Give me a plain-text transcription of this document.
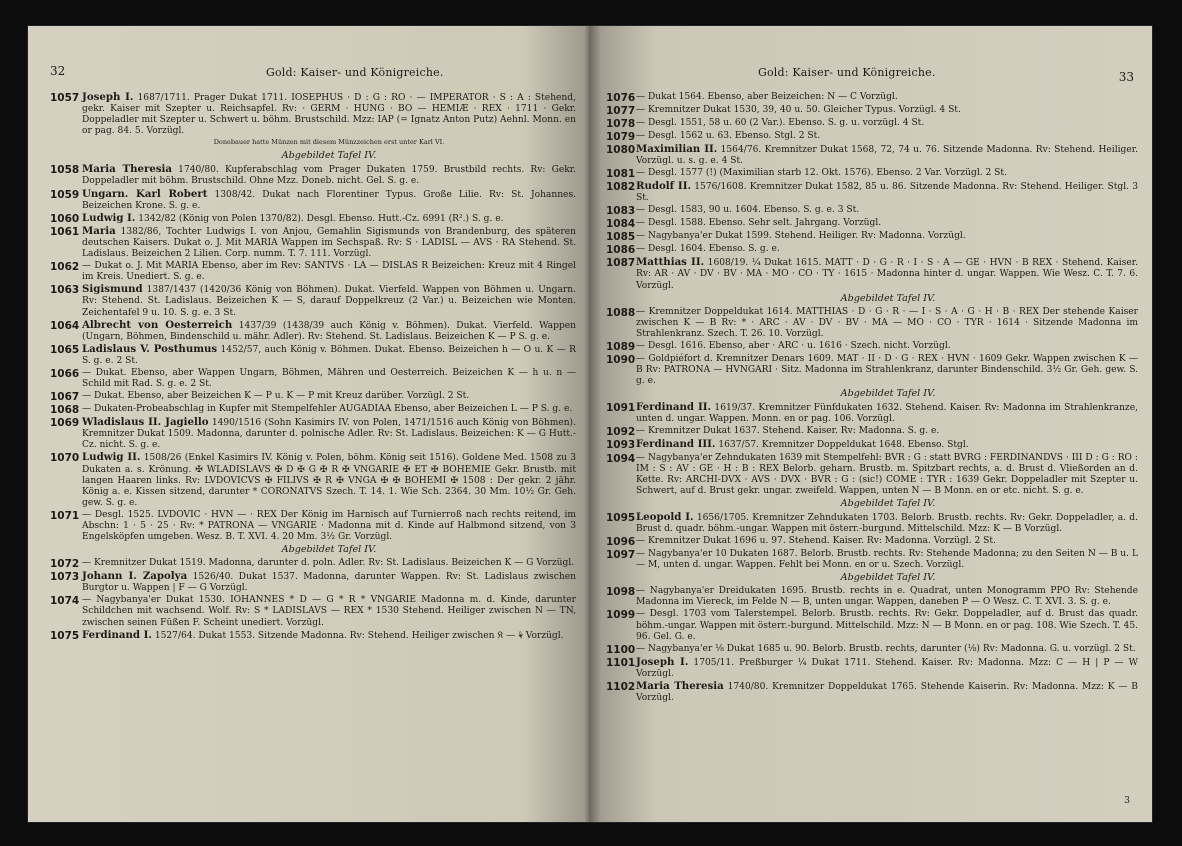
32	Gold: Kaiser- und Königreiche.
1057 Joseph I. 1687/1711. Prager Dukat 1711. IOSEPHUS · D : G : RO · — IMPERATOR · S : A : Stehend, gekr. Kaiser mit Szepter u. Reichsapfel. Rv: · GERM · HUNG · BO — HEMIÆ · REX · 1711 · Gekr. Doppeladler mit Szepter u. Schwert u. böhm. Brustschild. Mzz: IAP (= Ignatz Anton Putz) Aehnl. Monn. en or pag. 84. 5. Vorzügl.
Donebauer hatte Münzen mit diesem Münzzeichen erst unter Karl VI.
Abgebildet Tafel IV.
1058 Maria Theresia 1740/80. Kupferabschlag vom Prager Dukaten 1759. Brustbild rechts. Rv: Gekr. Doppeladler mit böhm. Brustschild. Ohne Mzz. Doneb. nicht. Gel. S. g. e.
1059 Ungarn. Karl Robert 1308/42. Dukat nach Florentiner Typus. Große Lilie. Rv: St. Johannes. Beizeichen Krone. S. g. e.
1060 Ludwig I. 1342/82 (König von Polen 1370/82). Desgl. Ebenso. Hutt.-Cz. 6991 (R².) S. g. e.
1061 Maria 1382/86, Tochter Ludwigs I. von Anjou, Gemahlin Sigismunds von Brandenburg, des späteren deutschen Kaisers. Dukat o. J. Mit MARIA Wappen im Sechspaß. Rv: S · LADISL — AVS · RA Stehend. St. Ladislaus. Beizeichen 2 Lilien. Corp. numm. T. 7. 111. Vorzügl.
1062 — Dukat o. J. Mit MARIA Ebenso, aber im Rev: SANTVS · LA — DISLAS R Beizeichen: Kreuz mit 4 Ringel im Kreis. Unediert. S. g. e.
1063 Sigismund 1387/1437 (1420/36 König von Böhmen). Dukat. Vierfeld. Wappen von Böhmen u. Ungarn. Rv: Stehend. St. Ladislaus. Beizeichen K — S, darauf Doppelkreuz (2 Var.) u. Beizeichen wie Monten. Zeichentafel 9 u. 10. S. g. e. 3 St.
1064 Albrecht von Oesterreich 1437/39 (1438/39 auch König v. Böhmen). Dukat. Vierfeld. Wappen (Ungarn, Böhmen, Bindenschild u. mähr. Adler). Rv: Stehend. St. Ladislaus. Beizeichen K — P S. g. e.
1065 Ladislaus V. Posthumus 1452/57, auch König v. Böhmen. Dukat. Ebenso. Beizeichen h — O u. K — R S. g. e. 2 St.
1066 — Dukat. Ebenso, aber Wappen Ungarn, Böhmen, Mähren und Oesterreich. Beizeichen K — h u. n — Schild mit Rad. S. g. e. 2 St.
1067 — Dukat. Ebenso, aber Beizeichen K — P u. K — P mit Kreuz darüber. Vorzügl. 2 St.
1068 — Dukaten-Probeabschlag in Kupfer mit Stempelfehler AUGADIAA Ebenso, aber Beizeichen L — P S. g. e.
1069 Wladislaus II. Jagiello 1490/1516 (Sohn Kasimirs IV. von Polen, 1471/1516 auch König von Böhmen). Kremnitzer Dukat 1509. Madonna, darunter d. polnische Adler. Rv: St. Ladislaus. Beizeichen: K — G Hutt.-Cz. nicht. S. g. e.
1070 Ludwig II. 1508/26 (Enkel Kasimirs IV. König v. Polen, böhm. König seit 1516). Goldene Med. 1508 zu 3 Dukaten a. s. Krönung. ✠ WLADISLAVS ✠ D ✠ G ✠ R ✠ VNGARIE ✠ ET ✠ BOHEMIE Gekr. Brustb. mit langen Haaren links. Rv: LVDOVICVS ✠ FILIVS ✠ R ✠ VNGA ✠ ✠ BOHEMI ✠ 1508 : Der gekr. 2 jähr. König a. e. Kissen sitzend, darunter * CORONATVS Szech. T. 14. 1. Wie Sch. 2364. 30 Mm. 10½ Gr. Geh. gew. S. g. e.
1071 — Desgl. 1525. LVDOVIC · HVN — · REX Der König im Harnisch auf Turnierroß nach rechts reitend, im Abschn: 1 · 5 · 25 · Rv: * PATRONA — VNGARIE · Madonna mit d. Kinde auf Halbmond sitzend, von 3 Engelsköpfen umgeben. Wesz. B. T. XVI. 4. 20 Mm. 3½ Gr. Vorzügl.
Abgebildet Tafel IV.
1072 — Kremnitzer Dukat 1519. Madonna, darunter d. poln. Adler. Rv: St. Ladislaus. Beizeichen K — G Vorzügl.
1073 Johann I. Zapolya 1526/40. Dukat 1537. Madonna, darunter Wappen. Rv: St. Ladislaus zwischen Burgtor u. Wappen | F — G Vorzügl.
1074 — Nagybanya'er Dukat 1530. IOHANNES * D — G * R * VNGARIE Madonna m. d. Kinde, darunter Schildchen mit wachsend. Wolf. Rv: S * LADISLAVS — REX * 1530 Stehend. Heiliger zwischen N — TN, zwischen seinen Füßen F. Scheint unediert. Vorzügl.
1075 Ferdinand I. 1527/64. Dukat 1553. Sitzende Madonna. Rv: Stehend. Heiliger zwischen 𝔎 — ⚘ Vorzügl.
33
Gold: Kaiser- und Königreiche.
1076 — Dukat 1564. Ebenso, aber Beizeichen: N — C Vorzügl.
1077 — Kremnitzer Dukat 1530, 39, 40 u. 50. Gleicher Typus. Vorzügl. 4 St.
1078 — Desgl. 1551, 58 u. 60 (2 Var.). Ebenso. S. g. u. vorzügl. 4 St.
1079 — Desgl. 1562 u. 63. Ebenso. Stgl. 2 St.
1080 Maximilian II. 1564/76. Kremnitzer Dukat 1568, 72, 74 u. 76. Sitzende Madonna. Rv: Stehend. Heiliger. Vorzügl. u. s. g. e. 4 St.
1081 — Desgl. 1577 (!) (Maximilian starb 12. Okt. 1576). Ebenso. 2 Var. Vorzügl. 2 St.
1082 Rudolf II. 1576/1608. Kremnitzer Dukat 1582, 85 u. 86. Sitzende Madonna. Rv: Stehend. Heiliger. Stgl. 3 St.
1083 — Desgl. 1583, 90 u. 1604. Ebenso. S. g. e. 3 St.
1084 — Desgl. 1588. Ebenso. Sehr selt. Jahrgang. Vorzügl.
1085 — Nagybanya'er Dukat 1599. Stehend. Heiliger. Rv: Madonna. Vorzügl.
1086 — Desgl. 1604. Ebenso. S. g. e.
1087 Matthias II. 1608/19. ¼ Dukat 1615. MATT · D · G · R · I · S · A — GE · HVN · B REX · Stehend. Kaiser. Rv: AR · AV · DV · BV · MA · MO · CO · TY · 1615 · Madonna hinter d. ungar. Wappen. Wie Wesz. C. T. 7. 6. Vorzügl.
Abgebildet Tafel IV.
1088 — Kremnitzer Doppeldukat 1614. MATTHIAS · D · G · R · — I · S · A · G · H · B · REX Der stehende Kaiser zwischen K — B Rv: * · ARC · AV · DV · BV · MA — MO · CO · TYR · 1614 · Sitzende Madonna im Strahlenkranz. Szech. T. 26. 10. Vorzügl.
1089 — Desgl. 1616. Ebenso, aber · ARC · u. 1616 · Szech. nicht. Vorzügl.
1090 — Goldpiéfort d. Kremnitzer Denars 1609. MAT · II · D · G · REX · HVN · 1609 Gekr. Wappen zwischen K — B Rv: PATRONA — HVNGARI · Sitz. Madonna im Strahlenkranz, darunter Bindenschild. 3½ Gr. Geh. gew. S. g. e.
Abgebildet Tafel IV.
1091 Ferdinand II. 1619/37. Kremnitzer Fünfdukaten 1632. Stehend. Kaiser. Rv: Madonna im Strahlenkranze, unten d. ungar. Wappen. Monn. en or pag. 106. Vorzügl.
1092 — Kremnitzer Dukat 1637. Stehend. Kaiser. Rv: Madonna. S. g. e.
1093 Ferdinand III. 1637/57. Kremnitzer Doppeldukat 1648. Ebenso. Stgl.
1094 — Nagybanya'er Zehndukaten 1639 mit Stempelfehl: BVR : G : statt BVRG : FERDINANDVS · III D : G : RO : IM : S : AV : GE · H : B : REX Belorb. geharn. Brustb. m. Spitzbart rechts, a. d. Brust d. Vließorden an d. Kette. Rv: ARCHI-DVX · AVS · DVX · BVR : G : (sic!) COME : TYR : 1639 Gekr. Doppeladler mit Szepter u. Schwert, auf d. Brust gekr. ungar. zweifeld. Wappen, unten N — B Monn. en or etc. nicht. S. g. e.
Abgebildet Tafel IV.
1095 Leopold I. 1656/1705. Kremnitzer Zehndukaten 1703. Belorb. Brustb. rechts. Rv: Gekr. Doppeladler, a. d. Brust d. quadr. böhm.-ungar. Wappen mit österr.-burgund. Mittelschild. Mzz: K — B Vorzügl.
1096 — Kremnitzer Dukat 1696 u. 97. Stehend. Kaiser. Rv: Madonna. Vorzügl. 2 St.
1097 — Nagybanya'er 10 Dukaten 1687. Belorb. Brustb. rechts. Rv: Stehende Madonna; zu den Seiten N — B u. L — M, unten d. ungar. Wappen. Fehlt bei Monn. en or u. Szech. Vorzügl.
Abgebildet Tafel IV.
1098 — Nagybanya'er Dreidukaten 1695. Brustb. rechts in e. Quadrat, unten Monogramm PPO Rv: Stehende Madonna im Viereck, im Felde N — B, unten ungar. Wappen, daneben P — O Wesz. C. T. XVI. 3. S. g. e.
1099 — Desgl. 1703 vom Talerstempel. Belorb. Brustb. rechts. Rv: Gekr. Doppeladler, auf d. Brust das quadr. böhm.-ungar. Wappen mit österr.-burgund. Mittelschild. Mzz: N — B Monn. en or pag. 108. Wie Szech. T. 45. 96. Gel. G. e.
1100 — Nagybanya'er ⅛ Dukat 1685 u. 90. Belorb. Brustb. rechts, darunter (¹⁄₈) Rv: Madonna. G. u. vorzügl. 2 St.
1101 Joseph I. 1705/11. Preßburger ¼ Dukat 1711. Stehend. Kaiser. Rv: Madonna. Mzz: C — H | P — W Vorzügl.
1102 Maria Theresia 1740/80. Kremnitzer Doppeldukat 1765. Stehende Kaiserin. Rv: Madonna. Mzz: K — B Vorzügl.
3
